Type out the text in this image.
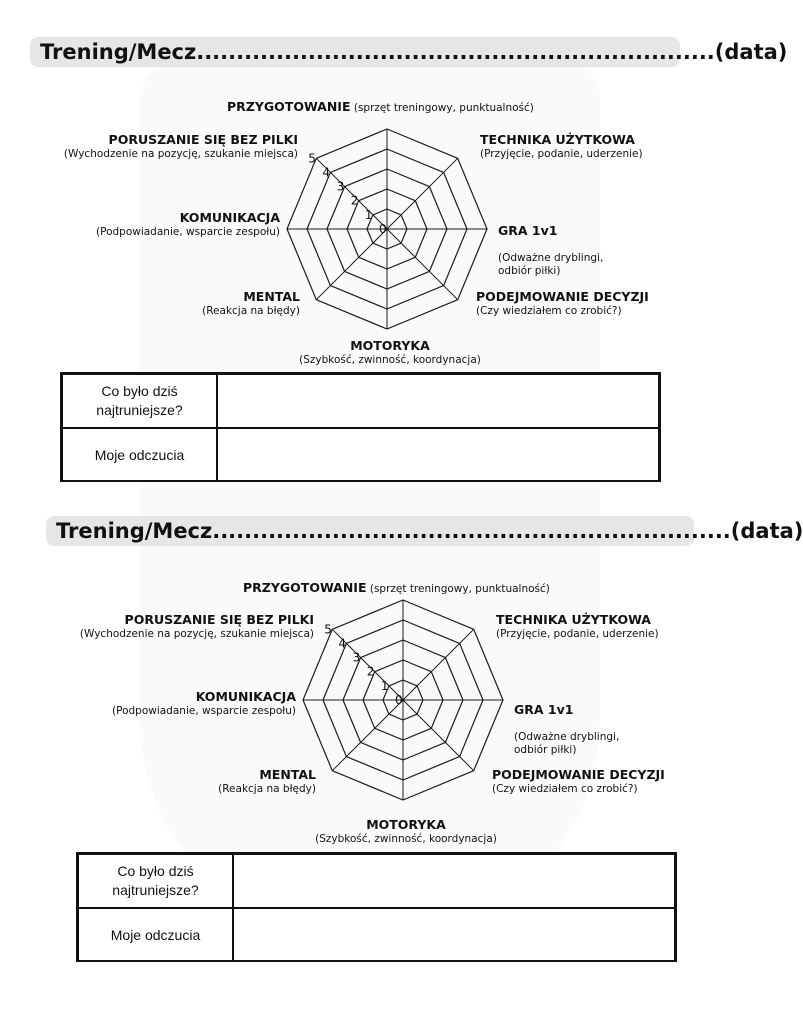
Trening/Mecz.................................................................(data)
0
1
2
3
4
5
PRZYGOTOWANIE (sprzęt treningowy, punktualność)
TECHNIKA UŻYTKOWA
(Przyjęcie, podanie, uderzenie)

GRA 1v1

(Odważne dryblingi,
odbiór piłki)

PODEJMOWANIE DECYZJI
(Czy wiedziałem co zrobić?)
MOTORYKA
(Szybkość, zwinność, koordynacja)
MENTAL
(Reakcja na błędy)
KOMUNIKACJA
(Podpowiadanie, wsparcie zespołu)
PORUSZANIE SIĘ BEZ PILKI
(Wychodzenie na pozycję, szukanie miejsca)
Co było dziś najtruniejsze?
Moje odczucia
Trening/Mecz.................................................................(data)
0
1
2
3
4
5
PRZYGOTOWANIE (sprzęt treningowy, punktualność)
TECHNIKA UŻYTKOWA
(Przyjęcie, podanie, uderzenie)

GRA 1v1

(Odważne dryblingi,
odbiór piłki)

PODEJMOWANIE DECYZJI
(Czy wiedziałem co zrobić?)
MOTORYKA
(Szybkość, zwinność, koordynacja)
MENTAL
(Reakcja na błędy)
KOMUNIKACJA
(Podpowiadanie, wsparcie zespołu)
PORUSZANIE SIĘ BEZ PILKI
(Wychodzenie na pozycję, szukanie miejsca)
Co było dziś najtruniejsze?
Moje odczucia
